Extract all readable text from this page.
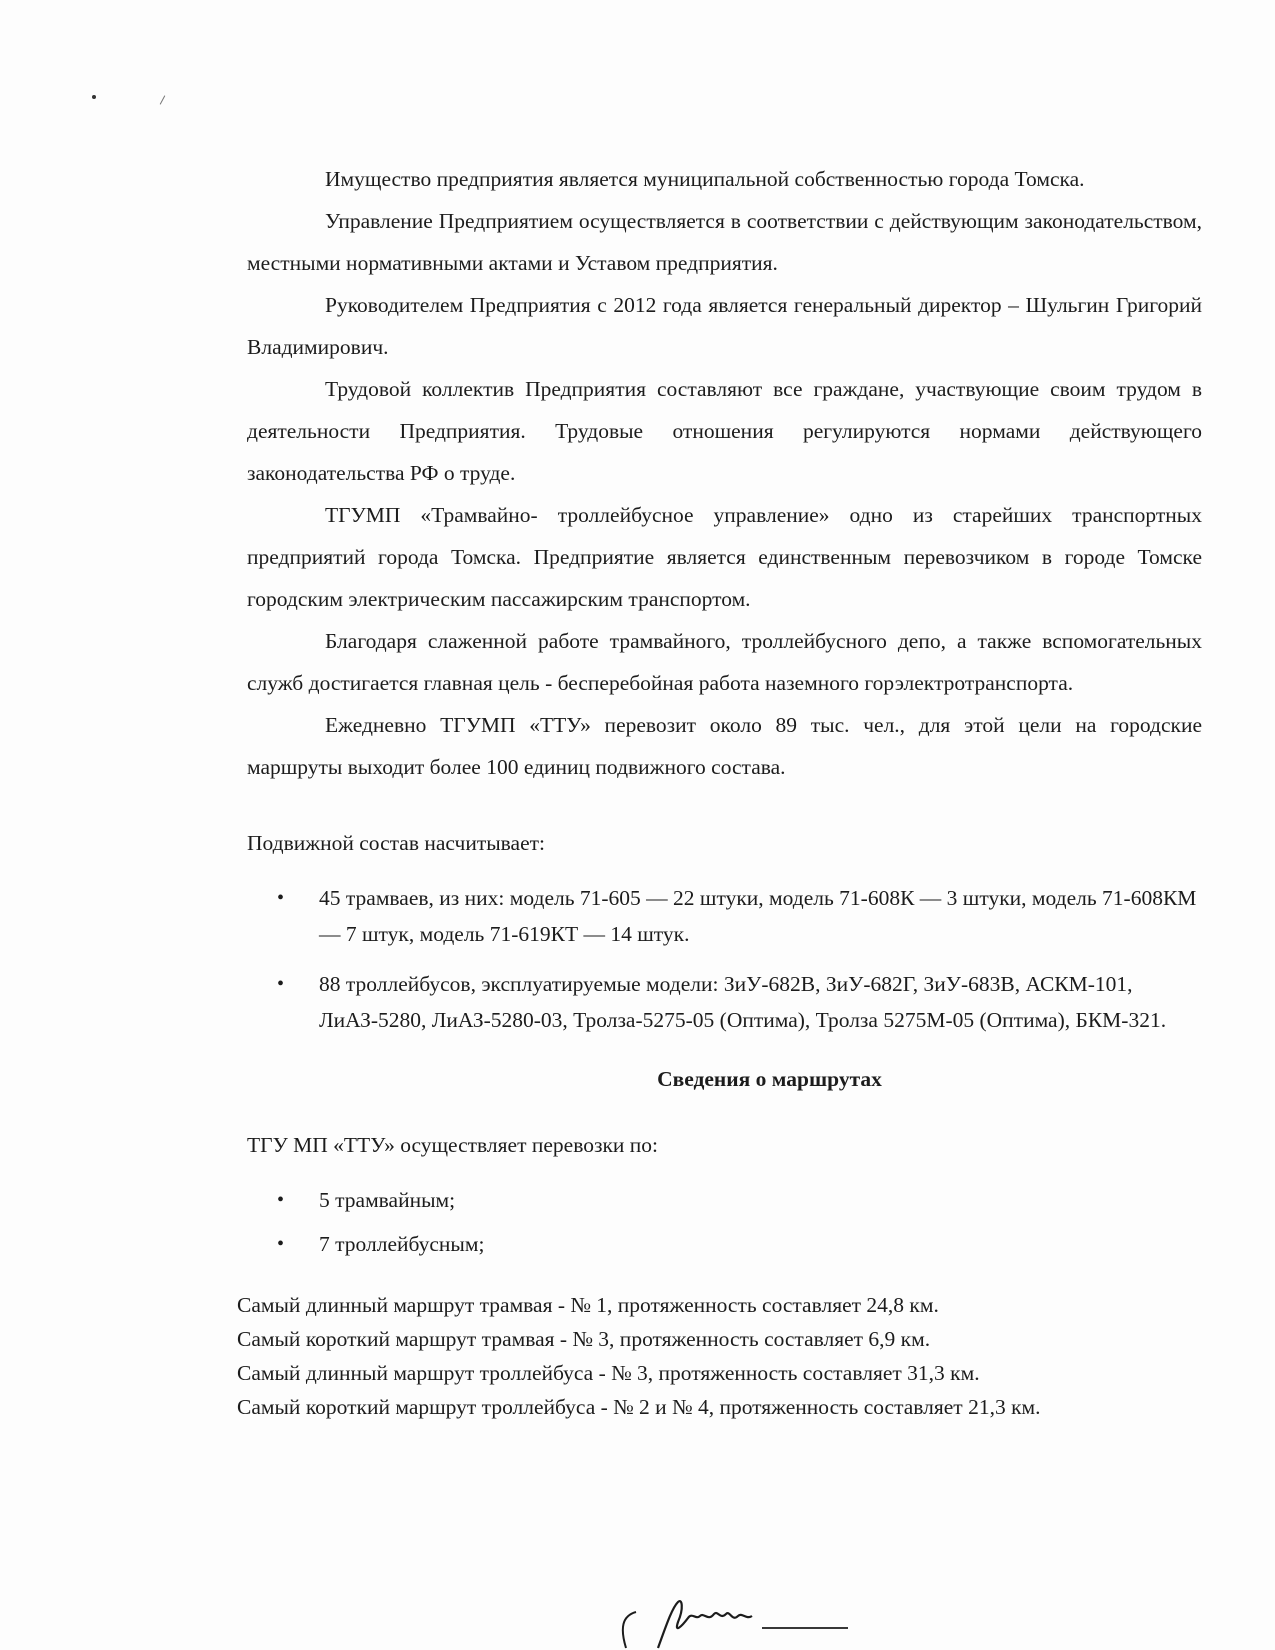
Имущество предприятия является муниципальной собственностью города Томска.

Управление Предприятием осуществляется в соответствии с действующим законодательством, местными нормативными актами и Уставом предприятия.

Руководителем Предприятия с 2012 года является генеральный директор – Шульгин Григорий Владимирович.

Трудовой коллектив Предприятия составляют все граждане, участвующие своим трудом в деятельности Предприятия. Трудовые отношения регулируются нормами действующего законодательства РФ о труде.

ТГУМП «Трамвайно- троллейбусное управление» одно из старейших транспортных предприятий города Томска. Предприятие является единственным перевозчиком в городе Томске городским электрическим пассажирским транспортом.

Благодаря слаженной работе трамвайного, троллейбусного депо, а также вспомогательных служб достигается главная цель - бесперебойная работа наземного горэлектротранспорта.

Ежедневно ТГУМП «ТТУ» перевозит около 89 тыс. чел., для этой цели на городские маршруты выходит более 100 единиц подвижного состава.

Подвижной состав насчитывает:

• 45 трамваев, из них: модель 71-605 — 22 штуки, модель 71-608К — 3 штуки, модель 71-608КМ — 7 штук, модель 71-619КТ — 14 штук.
• 88 троллейбусов, эксплуатируемые модели: ЗиУ-682В, ЗиУ-682Г, ЗиУ-683В, АСКМ-101, ЛиАЗ-5280, ЛиАЗ-5280-03, Тролза-5275-05 (Оптима), Тролза 5275М-05 (Оптима), БКМ-321.

Сведения о маршрутах

ТГУ МП «ТТУ» осуществляет перевозки по:

• 5 трамвайным;
• 7 троллейбусным;
Самый длинный маршрут трамвая - № 1, протяженность составляет 24,8 км.
Самый короткий маршрут трамвая - № 3, протяженность составляет 6,9 км.
Самый длинный маршрут троллейбуса - № 3, протяженность составляет 31,3 км.
Самый короткий маршрут троллейбуса - № 2 и № 4, протяженность составляет 21,3 км.
